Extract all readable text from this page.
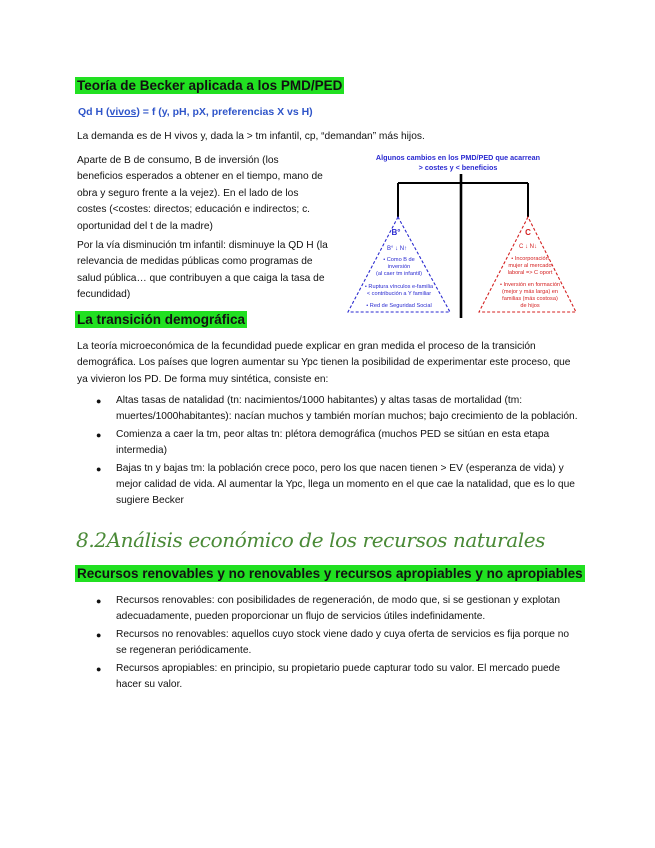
Teoría de Becker aplicada a los PMD/PED
Qd H (vivos) = f (y, pH, pX, preferencias X vs H)
La demanda es de H vivos y, dada la > tm infantil, cp, “demandan” más hijos.
Aparte de B de consumo, B de inversión (los beneficios esperados a obtener en el tiempo, mano de obra y seguro frente a la vejez). En el lado de los costes (<costes: directos; educación e indirectos; c. oportunidad del t de la madre)
Por la vía disminución tm infantil: disminuye la QD H (la relevancia de medidas públicas como programas de salud pública… que contribuyen a que caiga la tasa de fecundidad)
Algunos cambios en los PMD/PED que acarrean
> costes y < beneficios
B°
B° ↓ N↑
• Como B de
inversión
(al caer tm infantil)
• Ruptura vínculos e-familia
< contribución a Y familiar
• Red de Seguridad Social
C
C ↓ N↓
• Incorporación
mujer al mercado
laboral => C oport
• Inversión en formación
(mejor y más larga) en
familias (más costosa)
de hijos
La transición demográfica
La teoría microeconómica de la fecundidad puede explicar en gran medida el proceso de la transición demográfica. Los países que logren aumentar su Ypc tienen la posibilidad de experimentar este proceso, que ya vivieron los PD. De forma muy sintética, consiste en:
● Altas tasas de natalidad (tn: nacimientos/1000 habitantes) y altas tasas de mortalidad (tm: muertes/1000habitantes): nacían muchos y también morían muchos; bajo crecimiento de la población.
● Comienza a caer la tm, peor altas tn: plétora demográfica (muchos PED se sitúan en esta etapa intermedia)
● Bajas tn y bajas tm: la población crece poco, pero los que nacen tienen > EV (esperanza de vida) y mejor calidad de vida. Al aumentar la Ypc, llega un momento en el que cae la natalidad, que es lo que sugiere Becker
8.2Análisis económico de los recursos naturales
Recursos renovables y no renovables y recursos apropiables y no apropiables
● Recursos renovables: con posibilidades de regeneración, de modo que, si se gestionan y explotan adecuadamente, pueden proporcionar un flujo de servicios útiles indefinidamente.
● Recursos no renovables: aquellos cuyo stock viene dado y cuya oferta de servicios es fija porque no se regeneran periódicamente.
● Recursos apropiables: en principio, su propietario puede capturar todo su valor. El mercado puede hacer su valor.
